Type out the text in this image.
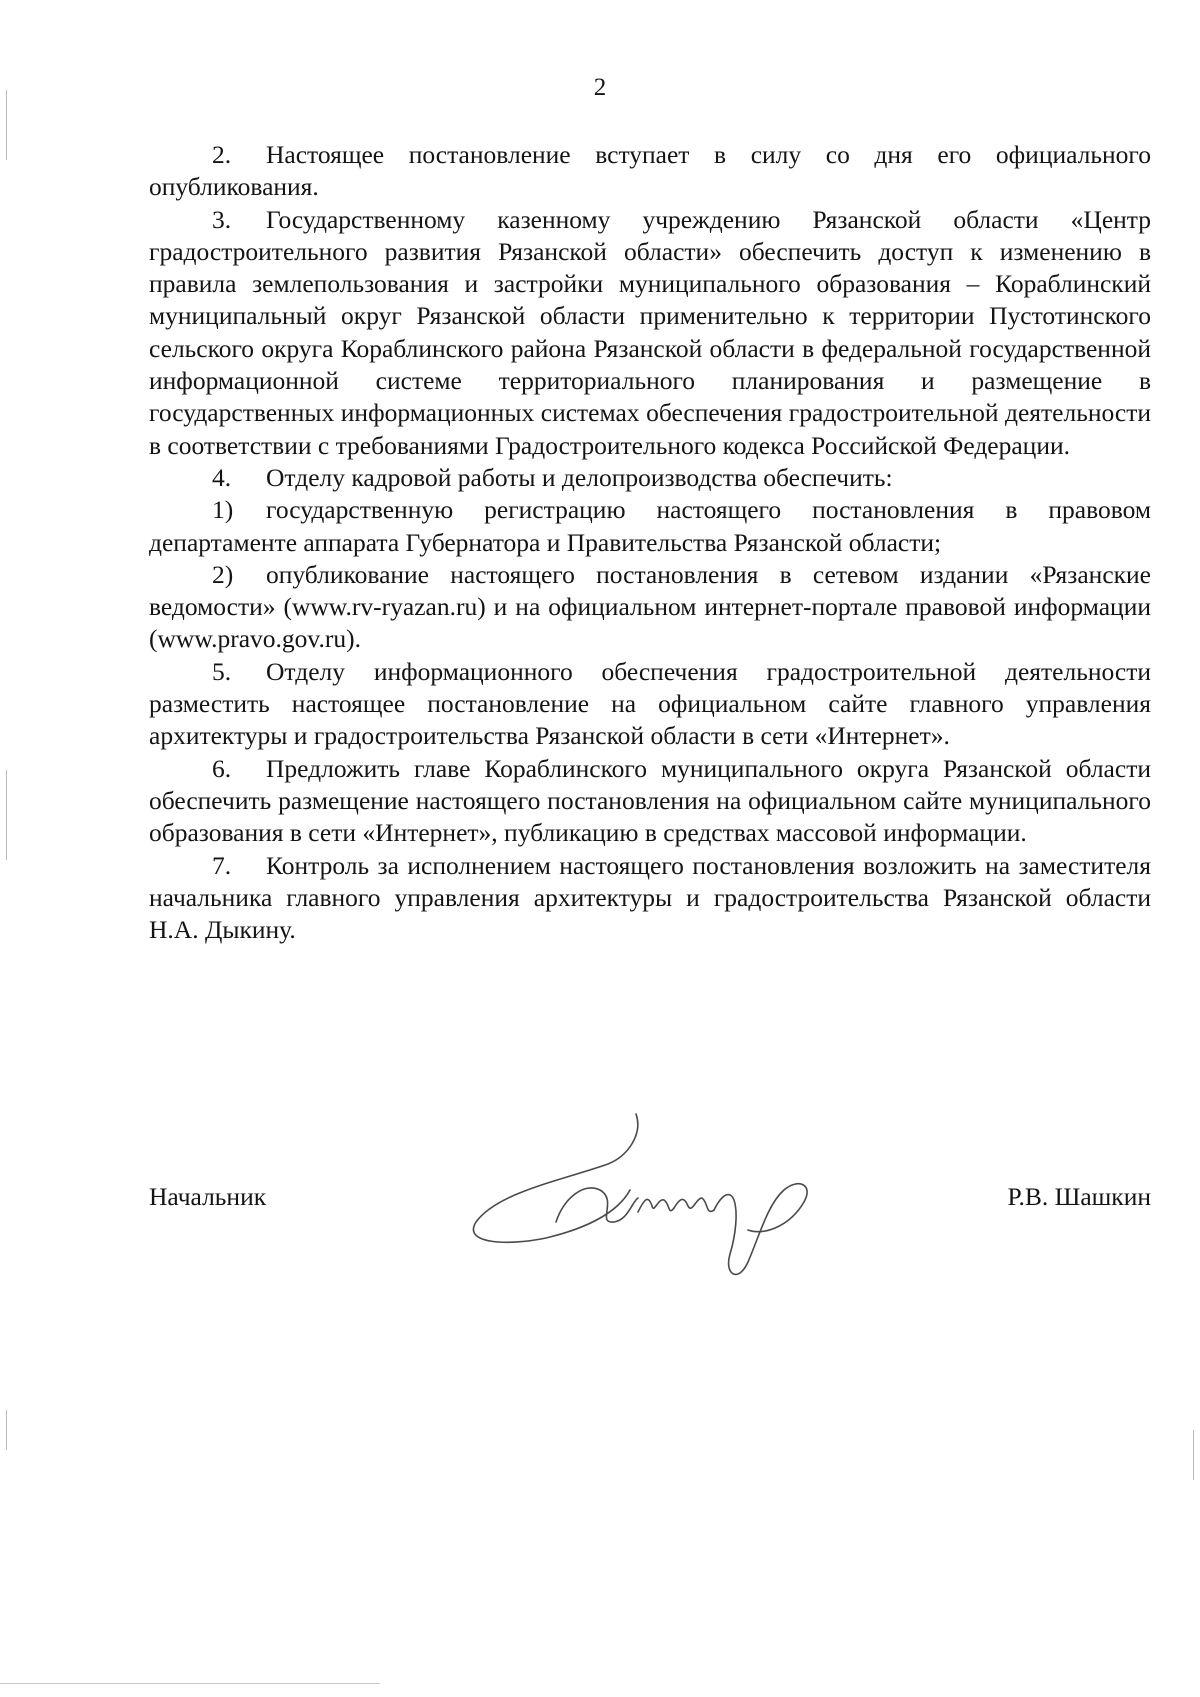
2

2. Настоящее постановление вступает в силу со дня его официального опубликования.

3. Государственному казенному учреждению Рязанской области «Центр градостроительного развития Рязанской области» обеспечить доступ к изменению в правила землепользования и застройки муниципального образования – Кораблинский муниципальный округ Рязанской области применительно к территории Пустотинского сельского округа Кораблинского района Рязанской области в федеральной государственной информационной системе территориального планирования и размещение в государственных информационных системах обеспечения градостроительной деятельности в соответствии с требованиями Градостроительного кодекса Российской Федерации.

4. Отделу кадровой работы и делопроизводства обеспечить:

1) государственную регистрацию настоящего постановления в правовом департаменте аппарата Губернатора и Правительства Рязанской области;

2) опубликование настоящего постановления в сетевом издании «Рязанские ведомости» (www.rv-ryazan.ru) и на официальном интернет-портале правовой информации (www.pravo.gov.ru).

5. Отделу информационного обеспечения градостроительной деятельности разместить настоящее постановление на официальном сайте главного управления архитектуры и градостроительства Рязанской области в сети «Интернет».

6. Предложить главе Кораблинского муниципального округа Рязанской области обеспечить размещение настоящего постановления на официальном сайте муниципального образования в сети «Интернет», публикацию в средствах массовой информации.

7. Контроль за исполнением настоящего постановления возложить на заместителя начальника главного управления архитектуры и градостроительства Рязанской области Н.А. Дыкину.

Начальник	Р.В. Шашкин
